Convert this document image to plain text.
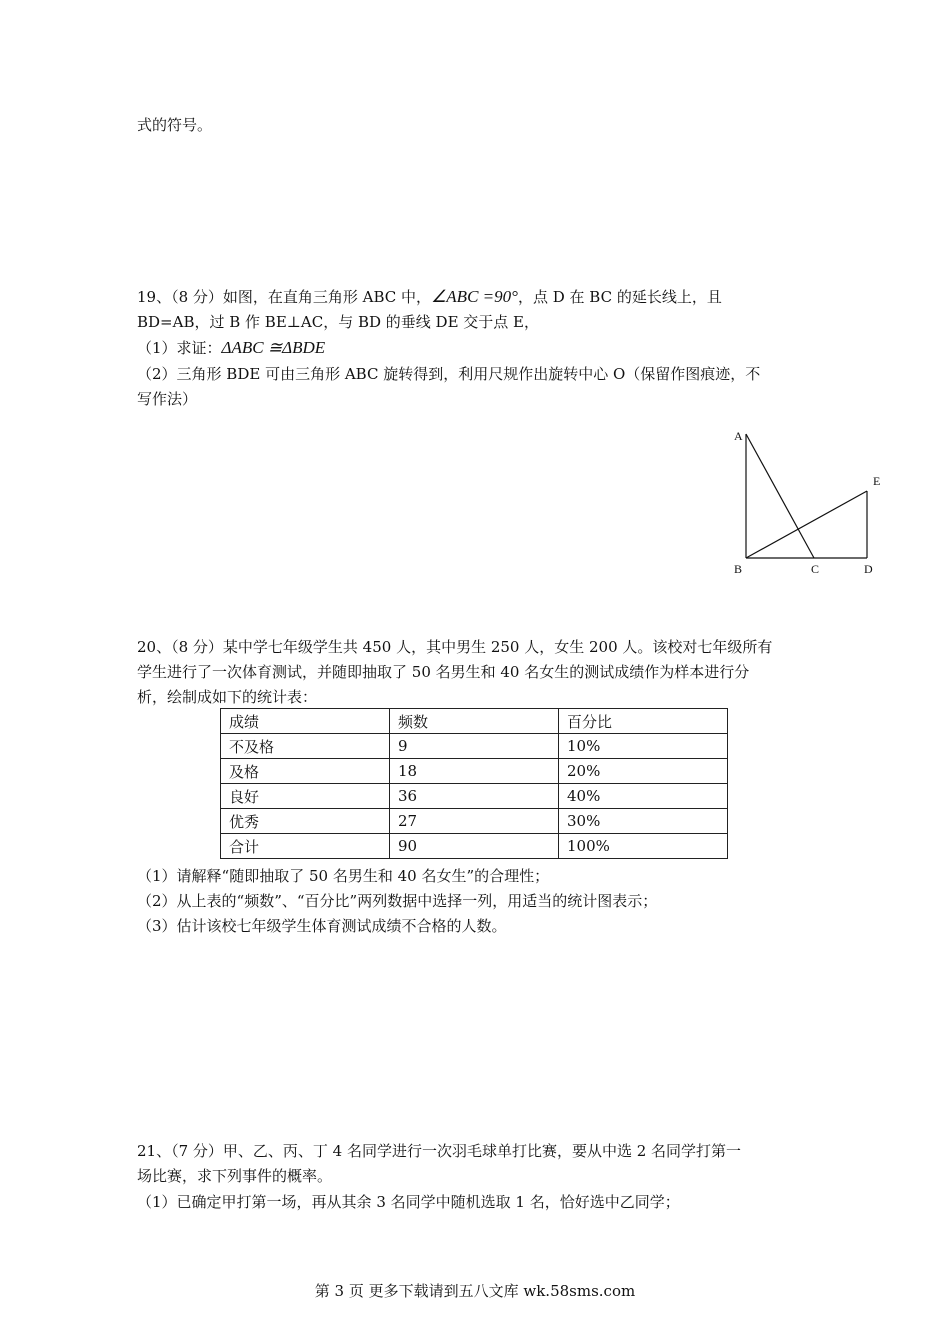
式的符号。
19、（8 分）如图，在直角三角形 ABC 中，∠ABC =90°，点 D 在 BC 的延长线上，且
BD=AB，过 B 作 BE⊥AC，与 BD 的垂线 DE 交于点 E，
（1）求证：ΔABC ≅ΔBDE
（2）三角形 BDE 可由三角形 ABC 旋转得到，利用尺规作出旋转中心 O（保留作图痕迹，不
写作法）
A
B	C	D
E
20、（8 分）某中学七年级学生共 450 人，其中男生 250 人，女生 200 人。该校对七年级所有
学生进行了一次体育测试，并随即抽取了 50 名男生和 40 名女生的测试成绩作为样本进行分
析，绘制成如下的统计表：
成绩	频数	百分比
不及格	9	10%
及格	18	20%
良好	36	40%
优秀	27	30%
合计	90	100%
（1）请解释“随即抽取了 50 名男生和 40 名女生”的合理性；
（2）从上表的“频数”、“百分比”两列数据中选择一列，用适当的统计图表示；
（3）估计该校七年级学生体育测试成绩不合格的人数。
21、（7 分）甲、乙、丙、丁 4 名同学进行一次羽毛球单打比赛，要从中选 2 名同学打第一
场比赛，求下列事件的概率。
（1）已确定甲打第一场，再从其余 3 名同学中随机选取 1 名，恰好选中乙同学；
第 3 页 更多下载请到五八文库 wk.58sms.com
